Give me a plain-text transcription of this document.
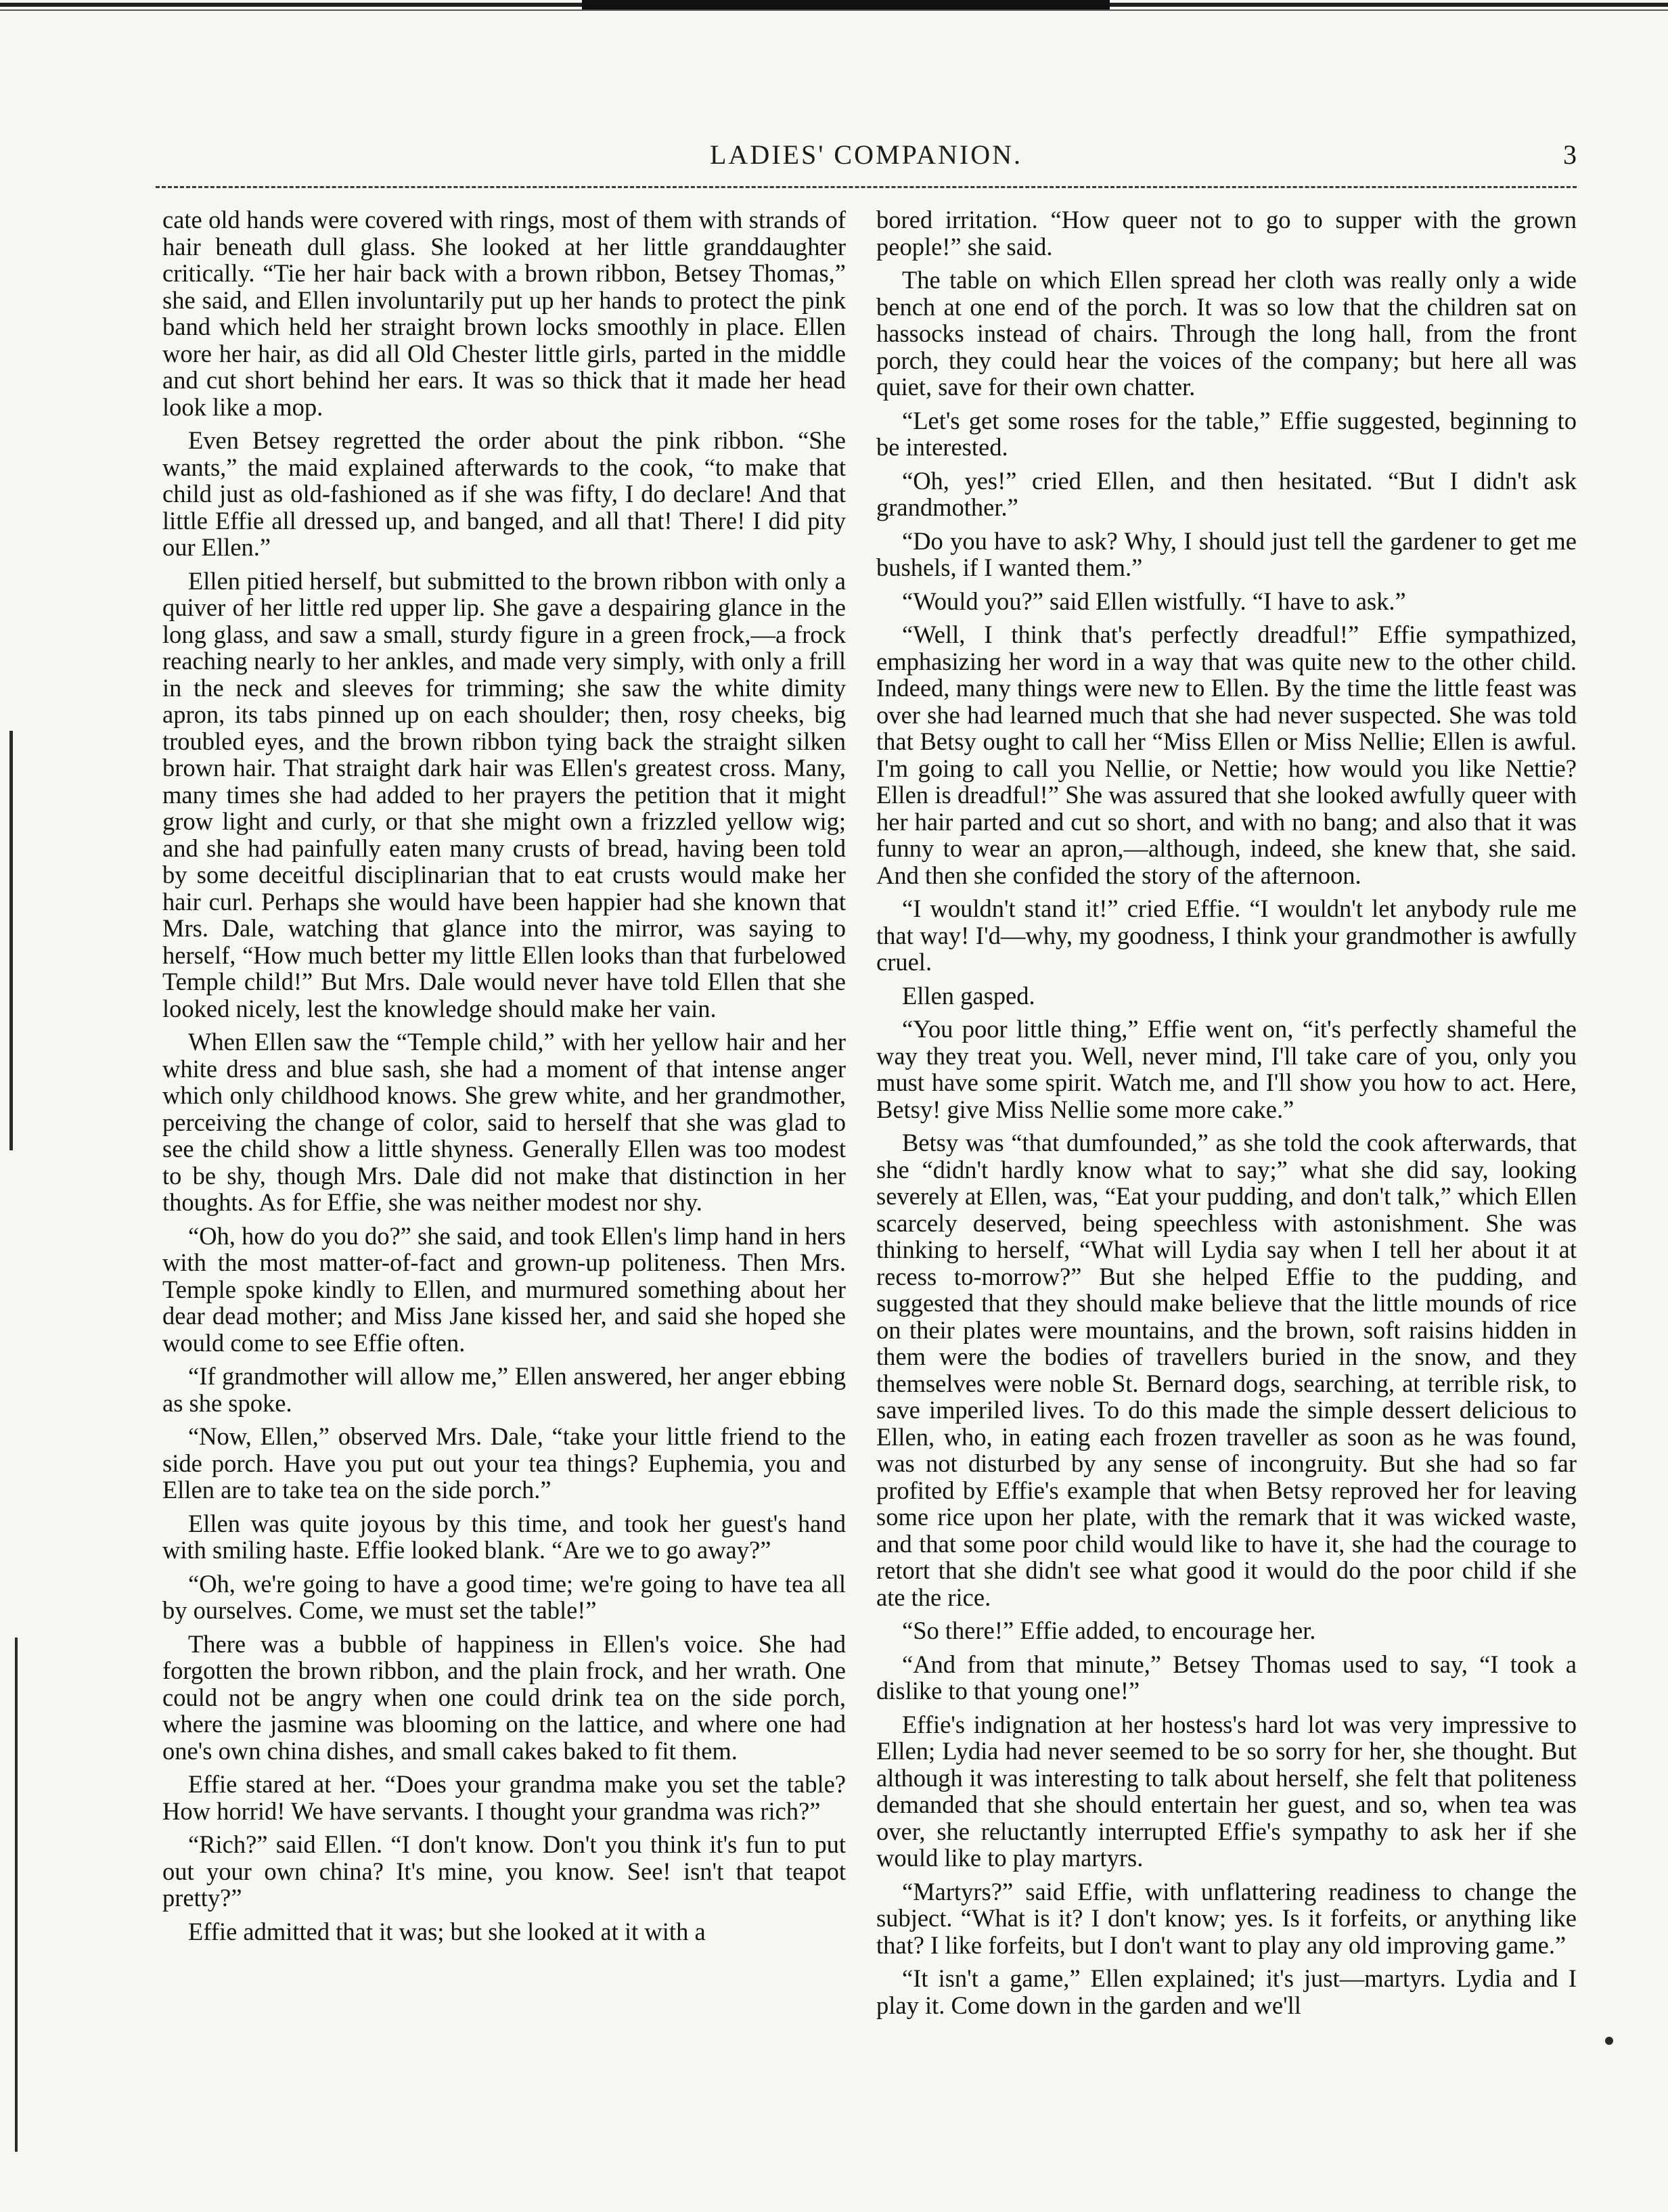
LADIES' COMPANION.	3

cate old hands were covered with rings, most of them with strands of hair beneath dull glass. She looked at her little granddaughter critically. “Tie her hair back with a brown ribbon, Betsey Thomas,” she said, and Ellen involuntarily put up her hands to protect the pink band which held her straight brown locks smoothly in place. Ellen wore her hair, as did all Old Chester little girls, parted in the middle and cut short behind her ears. It was so thick that it made her head look like a mop.

Even Betsey regretted the order about the pink ribbon. “She wants,” the maid explained afterwards to the cook, “to make that child just as old-fashioned as if she was fifty, I do declare! And that little Effie all dressed up, and banged, and all that! There! I did pity our Ellen.”

Ellen pitied herself, but submitted to the brown ribbon with only a quiver of her little red upper lip. She gave a despairing glance in the long glass, and saw a small, sturdy figure in a green frock,—a frock reaching nearly to her ankles, and made very simply, with only a frill in the neck and sleeves for trimming; she saw the white dimity apron, its tabs pinned up on each shoulder; then, rosy cheeks, big troubled eyes, and the brown ribbon tying back the straight silken brown hair. That straight dark hair was Ellen's greatest cross. Many, many times she had added to her prayers the petition that it might grow light and curly, or that she might own a frizzled yellow wig; and she had painfully eaten many crusts of bread, having been told by some deceitful disciplinarian that to eat crusts would make her hair curl. Perhaps she would have been happier had she known that Mrs. Dale, watching that glance into the mirror, was saying to herself, “How much better my little Ellen looks than that furbelowed Temple child!” But Mrs. Dale would never have told Ellen that she looked nicely, lest the knowledge should make her vain.

When Ellen saw the “Temple child,” with her yellow hair and her white dress and blue sash, she had a moment of that intense anger which only childhood knows. She grew white, and her grandmother, perceiving the change of color, said to herself that she was glad to see the child show a little shyness. Generally Ellen was too modest to be shy, though Mrs. Dale did not make that distinction in her thoughts. As for Effie, she was neither modest nor shy.

“Oh, how do you do?” she said, and took Ellen's limp hand in hers with the most matter-of-fact and grown-up politeness. Then Mrs. Temple spoke kindly to Ellen, and murmured something about her dear dead mother; and Miss Jane kissed her, and said she hoped she would come to see Effie often.

“If grandmother will allow me,” Ellen answered, her anger ebbing as she spoke.

“Now, Ellen,” observed Mrs. Dale, “take your little friend to the side porch. Have you put out your tea things? Euphemia, you and Ellen are to take tea on the side porch.”

Ellen was quite joyous by this time, and took her guest's hand with smiling haste. Effie looked blank. “Are we to go away?”

“Oh, we're going to have a good time; we're going to have tea all by ourselves. Come, we must set the table!”

There was a bubble of happiness in Ellen's voice. She had forgotten the brown ribbon, and the plain frock, and her wrath. One could not be angry when one could drink tea on the side porch, where the jasmine was blooming on the lattice, and where one had one's own china dishes, and small cakes baked to fit them.

Effie stared at her. “Does your grandma make you set the table? How horrid! We have servants. I thought your grandma was rich?”

“Rich?” said Ellen. “I don't know. Don't you think it's fun to put out your own china? It's mine, you know. See! isn't that teapot pretty?”

Effie admitted that it was; but she looked at it with a

bored irritation. “How queer not to go to supper with the grown people!” she said.

The table on which Ellen spread her cloth was really only a wide bench at one end of the porch. It was so low that the children sat on hassocks instead of chairs. Through the long hall, from the front porch, they could hear the voices of the company; but here all was quiet, save for their own chatter.

“Let's get some roses for the table,” Effie suggested, beginning to be interested.

“Oh, yes!” cried Ellen, and then hesitated. “But I didn't ask grandmother.”

“Do you have to ask? Why, I should just tell the gardener to get me bushels, if I wanted them.”

“Would you?” said Ellen wistfully. “I have to ask.”

“Well, I think that's perfectly dreadful!” Effie sympathized, emphasizing her word in a way that was quite new to the other child. Indeed, many things were new to Ellen. By the time the little feast was over she had learned much that she had never suspected. She was told that Betsy ought to call her “Miss Ellen or Miss Nellie; Ellen is awful. I'm going to call you Nellie, or Nettie; how would you like Nettie? Ellen is dreadful!” She was assured that she looked awfully queer with her hair parted and cut so short, and with no bang; and also that it was funny to wear an apron,—although, indeed, she knew that, she said. And then she confided the story of the afternoon.

“I wouldn't stand it!” cried Effie. “I wouldn't let anybody rule me that way! I'd—why, my goodness, I think your grandmother is awfully cruel.

Ellen gasped.

“You poor little thing,” Effie went on, “it's perfectly shameful the way they treat you. Well, never mind, I'll take care of you, only you must have some spirit. Watch me, and I'll show you how to act. Here, Betsy! give Miss Nellie some more cake.”

Betsy was “that dumfounded,” as she told the cook afterwards, that she “didn't hardly know what to say;” what she did say, looking severely at Ellen, was, “Eat your pudding, and don't talk,” which Ellen scarcely deserved, being speechless with astonishment. She was thinking to herself, “What will Lydia say when I tell her about it at recess to-morrow?” But she helped Effie to the pudding, and suggested that they should make believe that the little mounds of rice on their plates were mountains, and the brown, soft raisins hidden in them were the bodies of travellers buried in the snow, and they themselves were noble St. Bernard dogs, searching, at terrible risk, to save imperiled lives. To do this made the simple dessert delicious to Ellen, who, in eating each frozen traveller as soon as he was found, was not disturbed by any sense of incongruity. But she had so far profited by Effie's example that when Betsy reproved her for leaving some rice upon her plate, with the remark that it was wicked waste, and that some poor child would like to have it, she had the courage to retort that she didn't see what good it would do the poor child if she ate the rice.

“So there!” Effie added, to encourage her.

“And from that minute,” Betsey Thomas used to say, “I took a dislike to that young one!”

Effie's indignation at her hostess's hard lot was very impressive to Ellen; Lydia had never seemed to be so sorry for her, she thought. But although it was interesting to talk about herself, she felt that politeness demanded that she should entertain her guest, and so, when tea was over, she reluctantly interrupted Effie's sympathy to ask her if she would like to play martyrs.

“Martyrs?” said Effie, with unflattering readiness to change the subject. “What is it? I don't know; yes. Is it forfeits, or anything like that? I like forfeits, but I don't want to play any old improving game.”

“It isn't a game,” Ellen explained; it's just—martyrs. Lydia and I play it. Come down in the garden and we'll
